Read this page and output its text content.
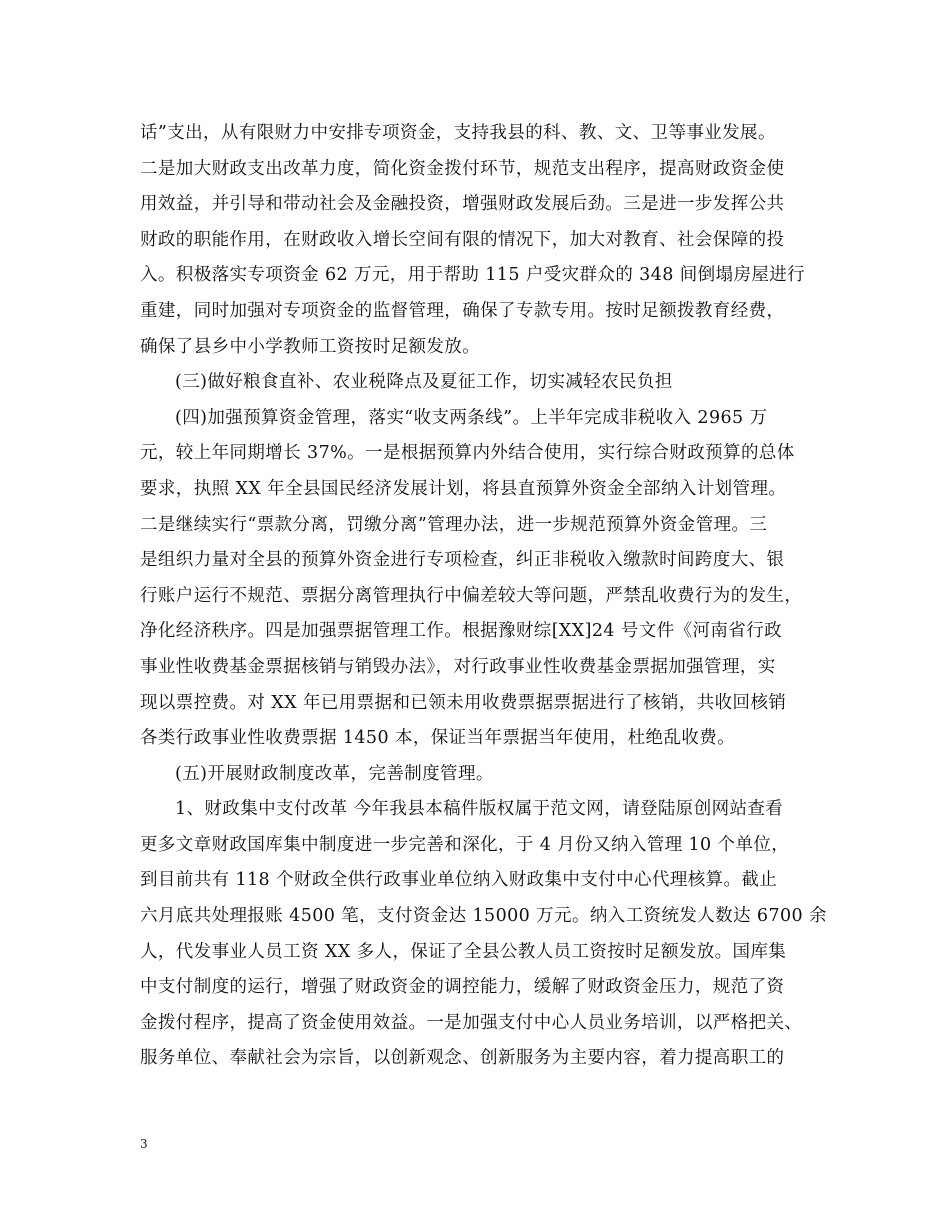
话”支出，从有限财力中安排专项资金，支持我县的科、教、文、卫等事业发展。
二是加大财政支出改革力度，简化资金拨付环节，规范支出程序，提高财政资金使
用效益，并引导和带动社会及金融投资，增强财政发展后劲。三是进一步发挥公共
财政的职能作用，在财政收入增长空间有限的情况下，加大对教育、社会保障的投
入。积极落实专项资金 62 万元，用于帮助 115 户受灾群众的 348 间倒塌房屋进行
重建，同时加强对专项资金的监督管理，确保了专款专用。按时足额拨教育经费，
确保了县乡中小学教师工资按时足额发放。
(三)做好粮食直补、农业税降点及夏征工作，切实减轻农民负担
(四)加强预算资金管理，落实“收支两条线”。上半年完成非税收入 2965 万
元，较上年同期增长 37%。一是根据预算内外结合使用，实行综合财政预算的总体
要求，执照 XX 年全县国民经济发展计划，将县直预算外资金全部纳入计划管理。
二是继续实行“票款分离，罚缴分离”管理办法，进一步规范预算外资金管理。三
是组织力量对全县的预算外资金进行专项检查，纠正非税收入缴款时间跨度大、银
行账户运行不规范、票据分离管理执行中偏差较大等问题，严禁乱收费行为的发生，
净化经济秩序。四是加强票据管理工作。根据豫财综[XX]24 号文件《河南省行政
事业性收费基金票据核销与销毁办法》，对行政事业性收费基金票据加强管理，实
现以票控费。对 XX 年已用票据和已领未用收费票据票据进行了核销，共收回核销
各类行政事业性收费票据 1450 本，保证当年票据当年使用，杜绝乱收费。
(五)开展财政制度改革，完善制度管理。
1、财政集中支付改革 今年我县本稿件版权属于范文网，请登陆原创网站查看
更多文章财政国库集中制度进一步完善和深化，于 4 月份又纳入管理 10 个单位，
到目前共有 118 个财政全供行政事业单位纳入财政集中支付中心代理核算。截止
六月底共处理报账 4500 笔，支付资金达 15000 万元。纳入工资统发人数达 6700 余
人，代发事业人员工资 XX 多人，保证了全县公教人员工资按时足额发放。国库集
中支付制度的运行，增强了财政资金的调控能力，缓解了财政资金压力，规范了资
金拨付程序，提高了资金使用效益。一是加强支付中心人员业务培训，以严格把关、
服务单位、奉献社会为宗旨，以创新观念、创新服务为主要内容，着力提高职工的
3
